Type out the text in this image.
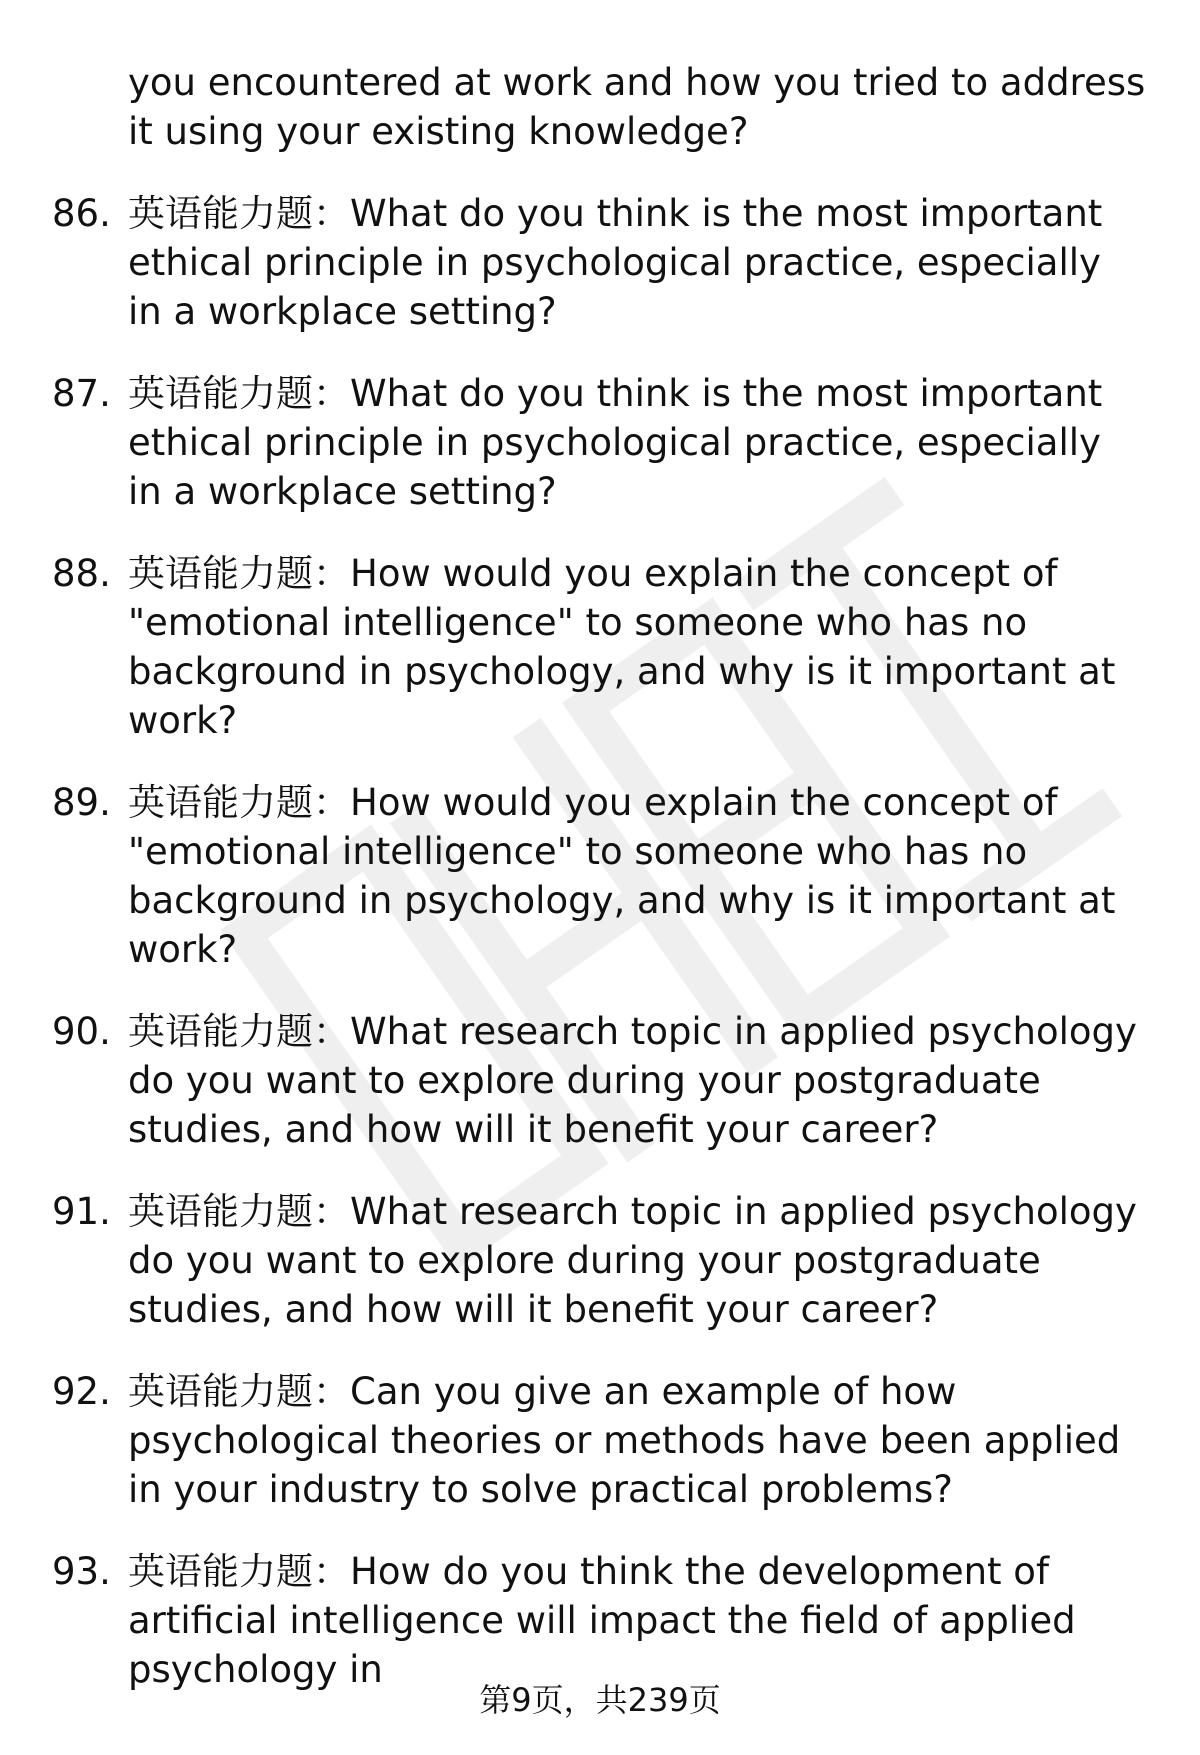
you encountered at work and how you tried to address it using your existing knowledge?

86. 英语能力题：What do you think is the most important ethical principle in psychological practice, especially in a workplace setting?
87. 英语能力题：What do you think is the most important ethical principle in psychological practice, especially in a workplace setting?
88. 英语能力题：How would you explain the concept of "emotional intelligence" to someone who has no background in psychology, and why is it important at work?
89. 英语能力题：How would you explain the concept of "emotional intelligence" to someone who has no background in psychology, and why is it important at work?
90. 英语能力题：What research topic in applied psychology do you want to explore during your postgraduate studies, and how will it benefit your career?
91. 英语能力题：What research topic in applied psychology do you want to explore during your postgraduate studies, and how will it benefit your career?
92. 英语能力题：Can you give an example of how psychological theories or methods have been applied in your industry to solve practical problems?
93. 英语能力题：How do you think the development of artificial intelligence will impact the field of applied psychology in
第9页，共239页
